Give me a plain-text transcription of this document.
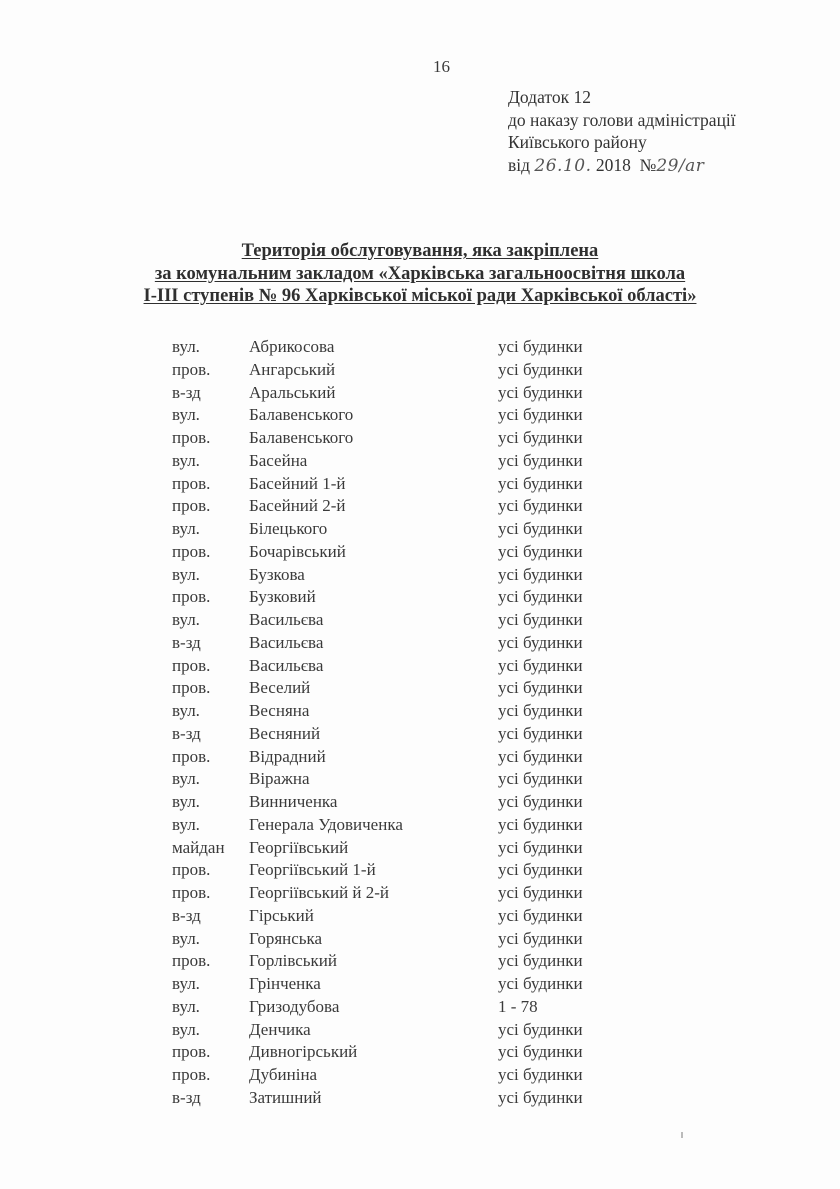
16
Додаток 12
до наказу голови адміністрації
Київського району
від 26.10. 2018 №29/ar
Територія обслуговування, яка закріплена
за комунальним закладом «Харківська загальноосвітня школа
І-ІІІ ступенів № 96 Харківської міської ради Харківської області»
вул.	Абрикосова	усі будинки
пров. Ангарський	усі будинки
в-зд	Аральський	усі будинки
вул.	Балавенського	усі будинки
пров. Балавенського	усі будинки
вул.	Басейна	усі будинки
пров. Басейний 1-й	усі будинки
пров. Басейний 2-й	усі будинки
вул.	Білецького	усі будинки
пров. Бочарівський	усі будинки
вул.	Бузкова	усі будинки
пров. Бузковий	усі будинки
вул.	Васильєва	усі будинки
в-зд	Васильєва	усі будинки
пров. Васильєва	усі будинки
пров. Веселий	усі будинки
вул.	Весняна	усі будинки
в-зд	Весняний	усі будинки
пров. Відрадний	усі будинки
вул.	Віражна	усі будинки
вул.	Винниченка	усі будинки
вул.	Генерала Удовиченка	усі будинки
майдан Георгіївський	усі будинки
пров. Георгіївський 1-й	усі будинки
пров. Георгіївський й 2-й	усі будинки
в-зд	Гірський	усі будинки
вул.	Горянська	усі будинки
пров. Горлівський	усі будинки
вул.	Грінченка	усі будинки
вул.	Гризодубова	1 - 78
вул.	Денчика	усі будинки
пров. Дивногірський	усі будинки
пров. Дубиніна	усі будинки
в-зд	Затишний	усі будинки
